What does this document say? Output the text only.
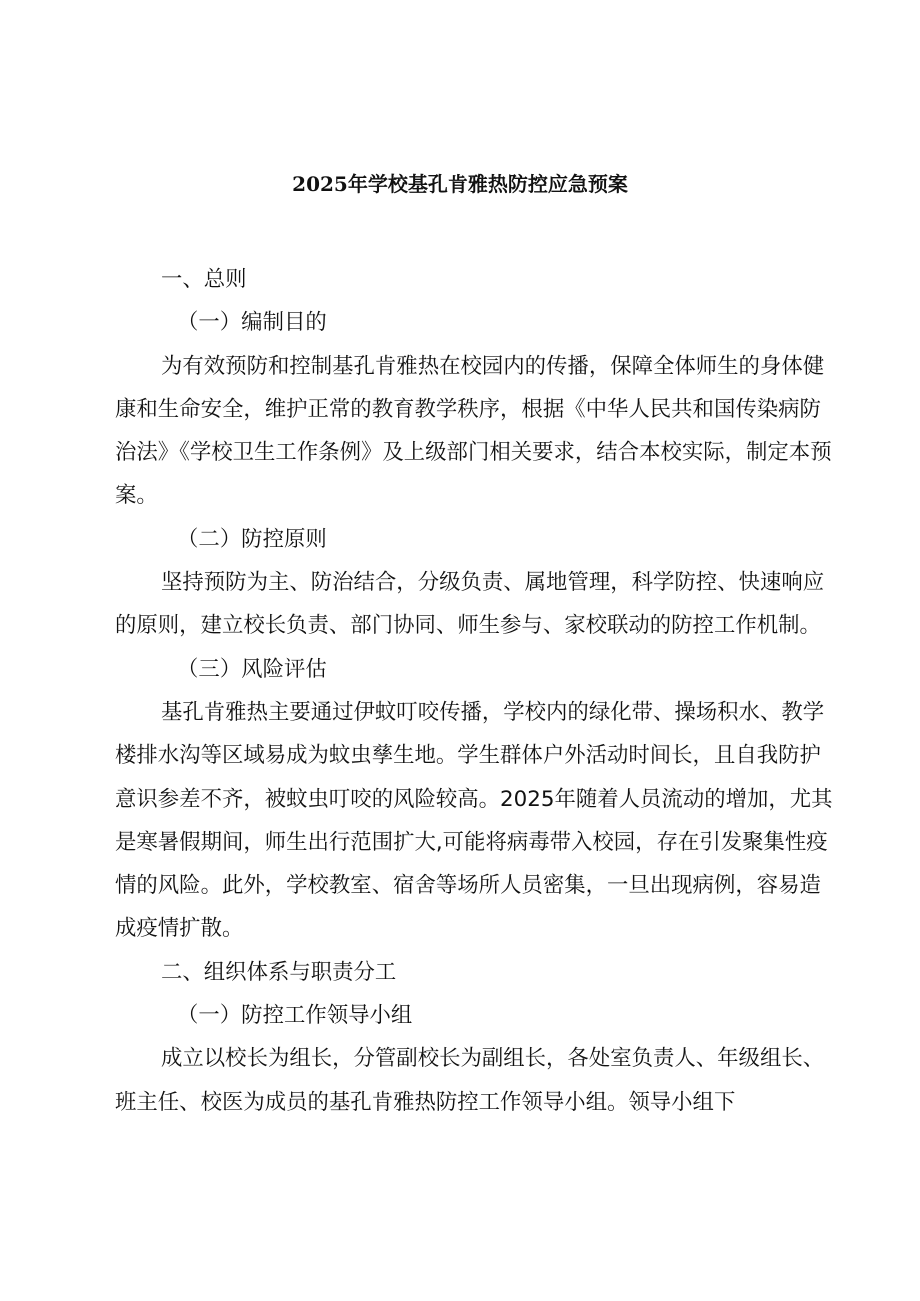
2025年学校基孔肯雅热防控应急预案

一、总则

（一）编制目的

为有效预防和控制基孔肯雅热在校园内的传播，保障全体师生的身体健康和生命安全，维护正常的教育教学秩序，根据《中华人民共和国传染病防治法》《学校卫生工作条例》及上级部门相关要求，结合本校实际，制定本预案。

（二）防控原则

坚持预防为主、防治结合，分级负责、属地管理，科学防控、快速响应的原则，建立校长负责、部门协同、师生参与、家校联动的防控工作机制。

（三）风险评估

基孔肯雅热主要通过伊蚊叮咬传播，学校内的绿化带、操场积水、教学楼排水沟等区域易成为蚊虫孳生地。学生群体户外活动时间长，且自我防护意识参差不齐，被蚊虫叮咬的风险较高。2025年随着人员流动的增加，尤其是寒暑假期间，师生出行范围扩大,可能将病毒带入校园，存在引发聚集性疫情的风险。此外，学校教室、宿舍等场所人员密集，一旦出现病例，容易造成疫情扩散。

二、组织体系与职责分工

（一）防控工作领导小组

成立以校长为组长，分管副校长为副组长，各处室负责人、年级组长、班主任、校医为成员的基孔肯雅热防控工作领导小组。领导小组下
